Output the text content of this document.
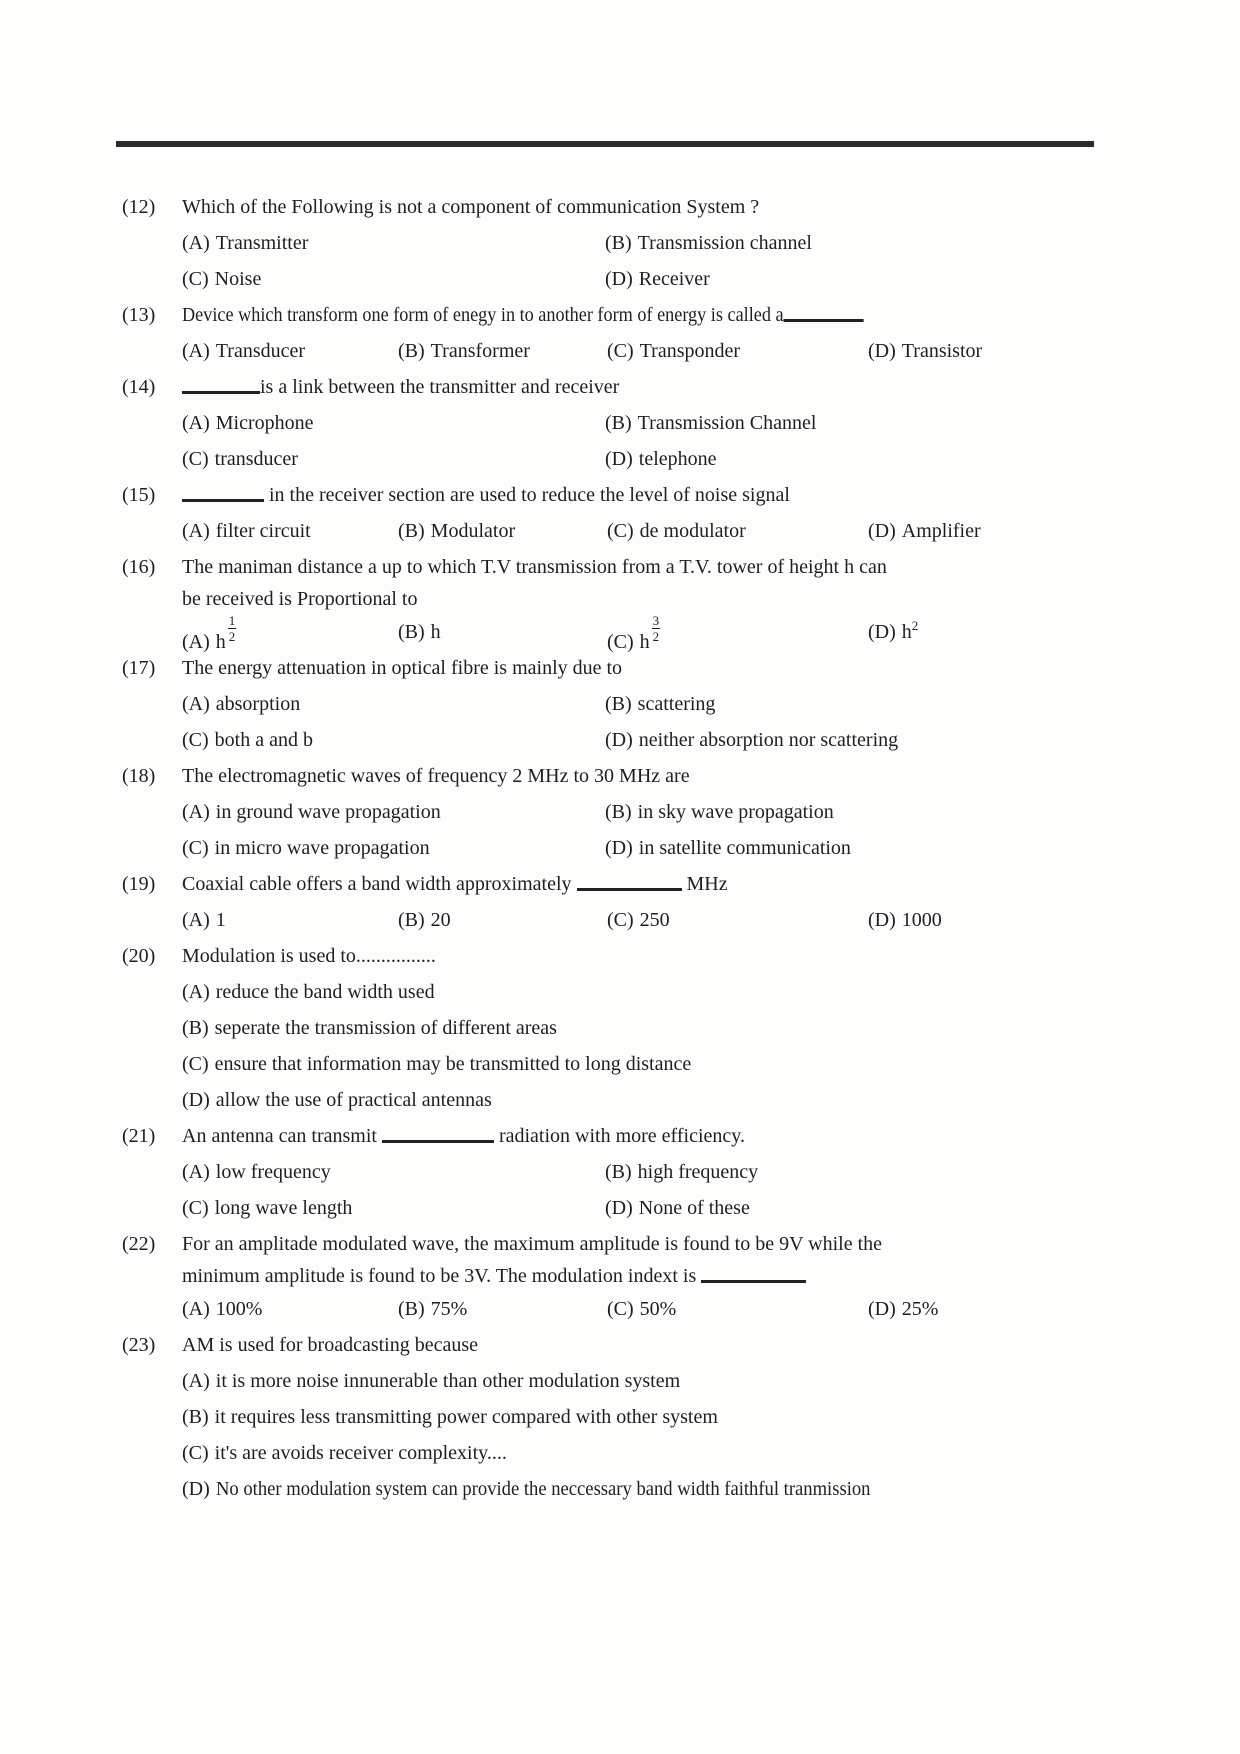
(12)	Which of the Following is not a component of communication System ?
(A) Transmitter	(B) Transmission channel
(C) Noise	(D) Receiver
(13)	Device which transform one form of enegy in to another form of energy is called a
(A) Transducer	(B) Transformer	(C) Transponder	(D) Transistor
(14)	is a link between the transmitter and receiver
(A) Microphone	(B) Transmission Channel
(C) transducer	(D) telephone
(15)	in the receiver section are used to reduce the level of noise signal
(A) filter circuit	(B) Modulator	(C) de modulator	(D) Amplifier
(16)	The maniman distance a up to which T.V transmission from a T.V. tower of height h can
be received is Proportional to
(A) h $\frac{1}{2}$	(B) h	(C) h $\frac{3}{2}$	(D) $h^2$
(17)	The energy attenuation in optical fibre is mainly due to
(A) absorption	(B) scattering
(C) both a and b	(D) neither absorption nor scattering
(18)	The electromagnetic waves of frequency 2 MHz to 30 MHz are
(A) in ground wave propagation	(B) in sky wave propagation
(C) in micro wave propagation	(D) in satellite communication
(19)	Coaxial cable offers a band width approximately	MHz
(A) 1	(B) 20	(C) 250	(D) 1000
(20)	Modulation is used to................
(A) reduce the band width used
(B) seperate the transmission of different areas
(C) ensure that information may be transmitted to long distance
(D) allow the use of practical antennas
(21)	An antenna can transmit	radiation with more efficiency.
(A) low frequency	(B) high frequency
(C) long wave length	(D) None of these
(22)	For an amplitade modulated wave, the maximum amplitude is found to be 9V while the
minimum amplitude is found to be 3V. The modulation indext is
(A) 100%	(B) 75%	(C) 50%	(D) 25%
(23)	AM is used for broadcasting because
(A) it is more noise innunerable than other modulation system
(B) it requires less transmitting power compared with other system
(C) it's are avoids receiver complexity....
(D) No other modulation system can provide the neccessary band width faithful tranmission
